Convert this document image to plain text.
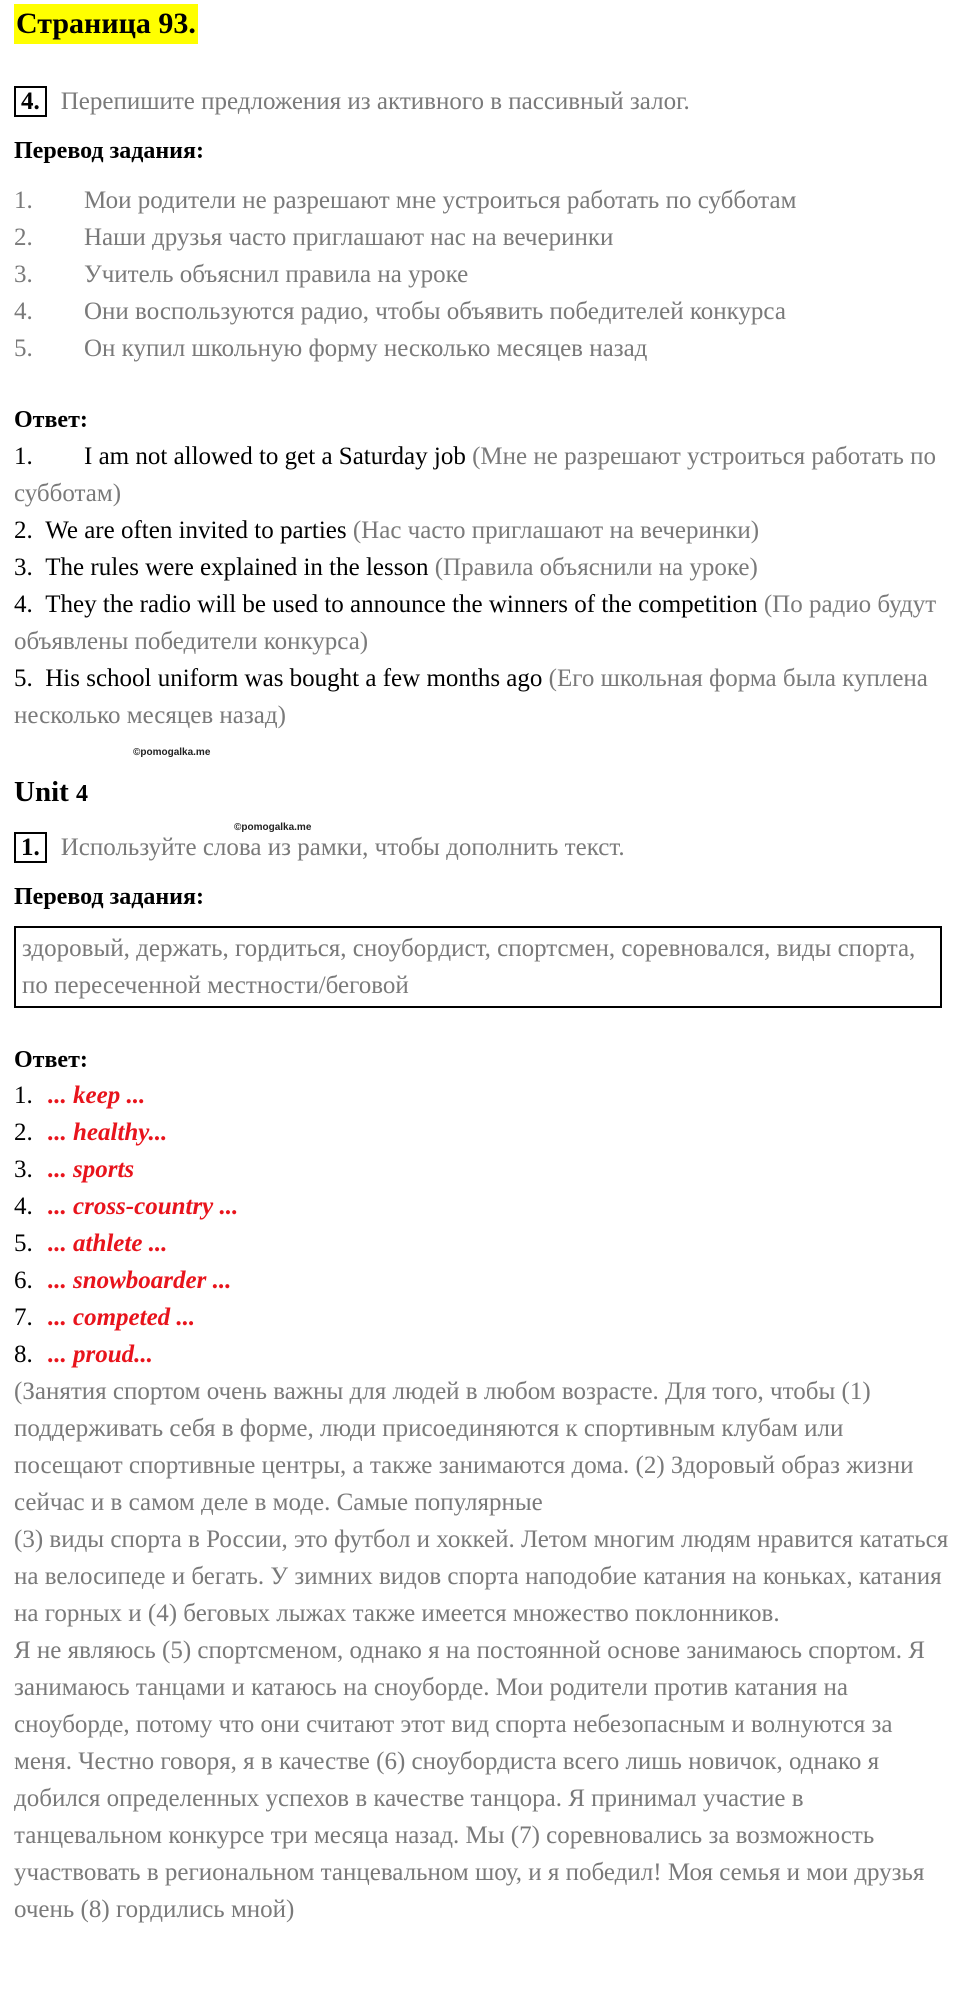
Страница 93.
4. Перепишите предложения из активного в пассивный залог.
Перевод задания:
1. Мои родители не разрешают мне устроиться работать по субботам
2. Наши друзья часто приглашают нас на вечеринки
3. Учитель объяснил правила на уроке
4. Они воспользуются радио, чтобы объявить победителей конкурса
5. Он купил школьную форму несколько месяцев назад
Ответ:

1. I am not allowed to get a Saturday job (Мне не разрешают устроиться работать по субботам)

2. We are often invited to parties (Нас часто приглашают на вечеринки)

3. The rules were explained in the lesson (Правила объяснили на уроке)

4. They the radio will be used to announce the winners of the competition (По радио будут объявлены победители конкурса)

5. His school uniform was bought a few months ago (Его школьная форма была куплена несколько месяцев назад)

©pomogalka.me
Unit 4
©pomogalka.me
1. Используйте слова из рамки, чтобы дополнить текст.
Перевод задания:
здоровый, держать, гордиться, сноубордист, спортсмен, соревновался, виды спорта, по пересеченной местности/беговой
Ответ:
1. ... keep ...
2. ... healthy...
3. ... sports
4. ... cross-country ...
5. ... athlete ...
6. ... snowboarder ...
7. ... competed ...
8. ... proud...

(Занятия спортом очень важны для людей в любом возрасте. Для того, чтобы (1) поддерживать себя в форме, люди присоединяются к спортивным клубам или посещают спортивные центры, а также занимаются дома. (2) Здоровый образ жизни сейчас и в самом деле в моде. Самые популярные

(3) виды спорта в России, это футбол и хоккей. Летом многим людям нравится кататься на велосипеде и бегать. У зимних видов спорта наподобие катания на коньках, катания на горных и (4) беговых лыжах также имеется множество поклонников.

Я не являюсь (5) спортсменом, однако я на постоянной основе занимаюсь спортом. Я занимаюсь танцами и катаюсь на сноуборде. Мои родители против катания на сноуборде, потому что они считают этот вид спорта небезопасным и волнуются за меня. Честно говоря, я в качестве (6) сноубордиста всего лишь новичок, однако я добился определенных успехов в качестве танцора. Я принимал участие в танцевальном конкурсе три месяца назад. Мы (7) соревновались за возможность участвовать в региональном танцевальном шоу, и я победил! Моя семья и мои друзья очень (8) гордились мной)
